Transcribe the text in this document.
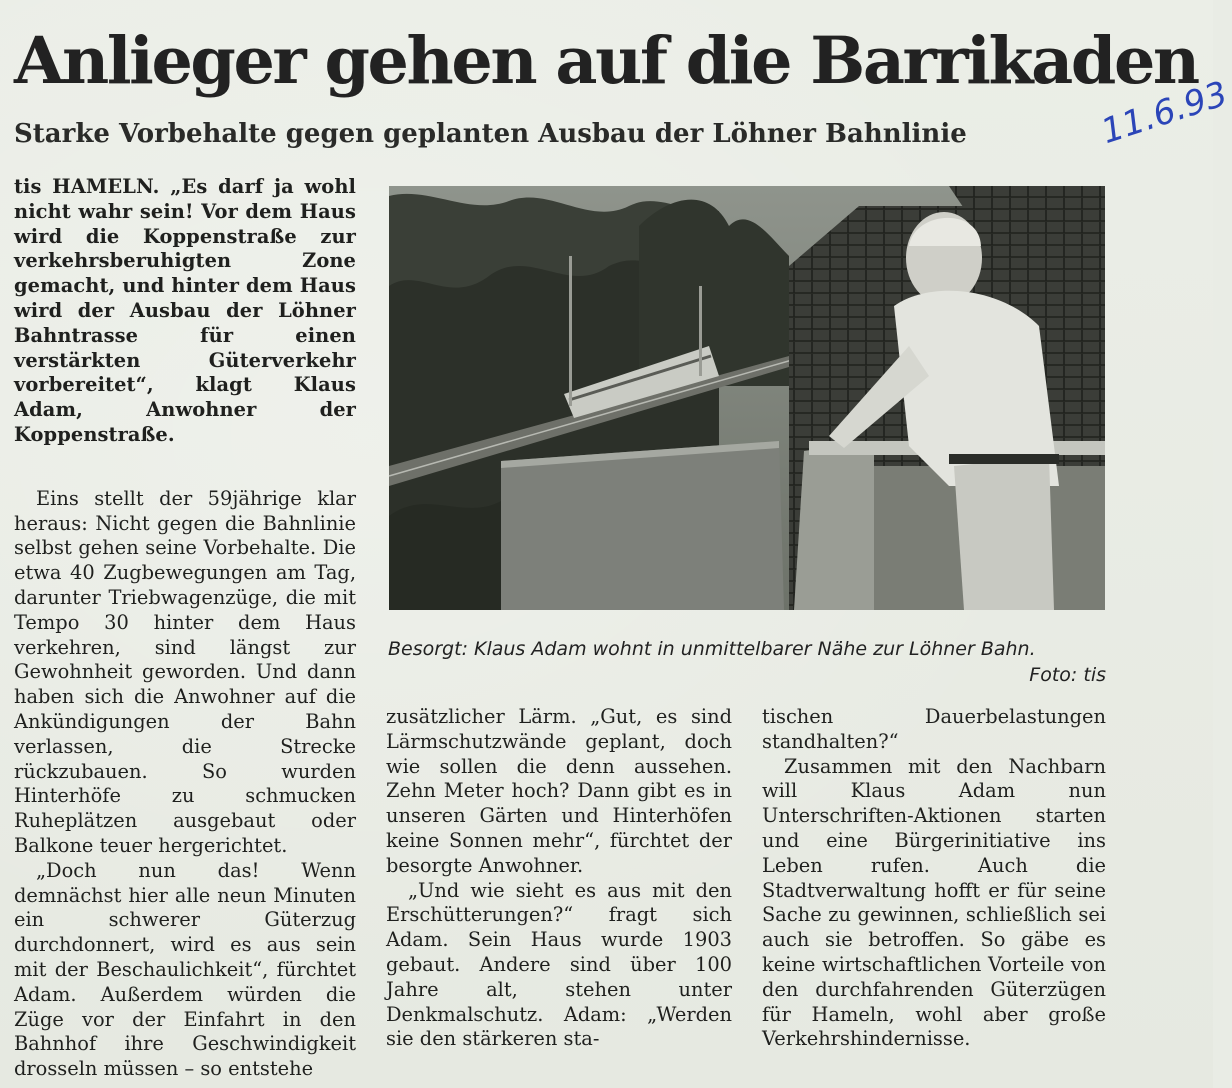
Anlieger gehen auf die Barrikaden
Starke Vorbehalte gegen geplanten Ausbau der Löhner Bahnlinie	11.6.93

tis HAMELN. „Es darf ja wohl nicht wahr sein! Vor dem Haus wird die Koppenstraße zur verkehrsberuhigten Zone gemacht, und hinter dem Haus wird der Ausbau der Löhner Bahntrasse für einen verstärkten Güterverkehr vorbereitet“, klagt Klaus Adam, Anwohner der Koppenstraße.

Eins stellt der 59jährige klar heraus: Nicht gegen die Bahnlinie selbst gehen seine Vorbehalte. Die etwa 40 Zugbewegungen am Tag, darunter Triebwagenzüge, die mit Tempo 30 hinter dem Haus verkehren, sind längst zur Gewohnheit geworden. Und dann haben sich die Anwohner auf die Ankündigungen der Bahn verlassen, die Strecke rückzubauen. So wurden Hinterhöfe zu schmucken Ruheplätzen ausgebaut oder Balkone teuer hergerichtet.

„Doch nun das! Wenn demnächst hier alle neun Minuten ein schwerer Güterzug durchdonnert, wird es aus sein mit der Beschaulichkeit“, fürchtet Adam. Außerdem würden die Züge vor der Einfahrt in den Bahnhof ihre Geschwindigkeit drosseln müssen – so entstehe

Besorgt: Klaus Adam wohnt in unmittelbarer Nähe zur Löhner Bahn.
Foto: tis

zusätzlicher Lärm. „Gut, es sind Lärmschutzwände geplant, doch wie sollen die denn aussehen. Zehn Meter hoch? Dann gibt es in unseren Gärten und Hinterhöfen keine Sonnen mehr“, fürchtet der besorgte Anwohner.

„Und wie sieht es aus mit den Erschütterungen?“ fragt sich Adam. Sein Haus wurde 1903 gebaut. Andere sind über 100 Jahre alt, stehen unter Denkmalschutz. Adam: „Werden sie den stärkeren sta-

tischen Dauerbelastungen standhalten?“

Zusammen mit den Nachbarn will Klaus Adam nun Unterschriften-Aktionen starten und eine Bürgerinitiative ins Leben rufen. Auch die Stadtverwaltung hofft er für seine Sache zu gewinnen, schließlich sei auch sie betroffen. So gäbe es keine wirtschaftlichen Vorteile von den durchfahrenden Güterzügen für Hameln, wohl aber große Verkehrshindernisse.
